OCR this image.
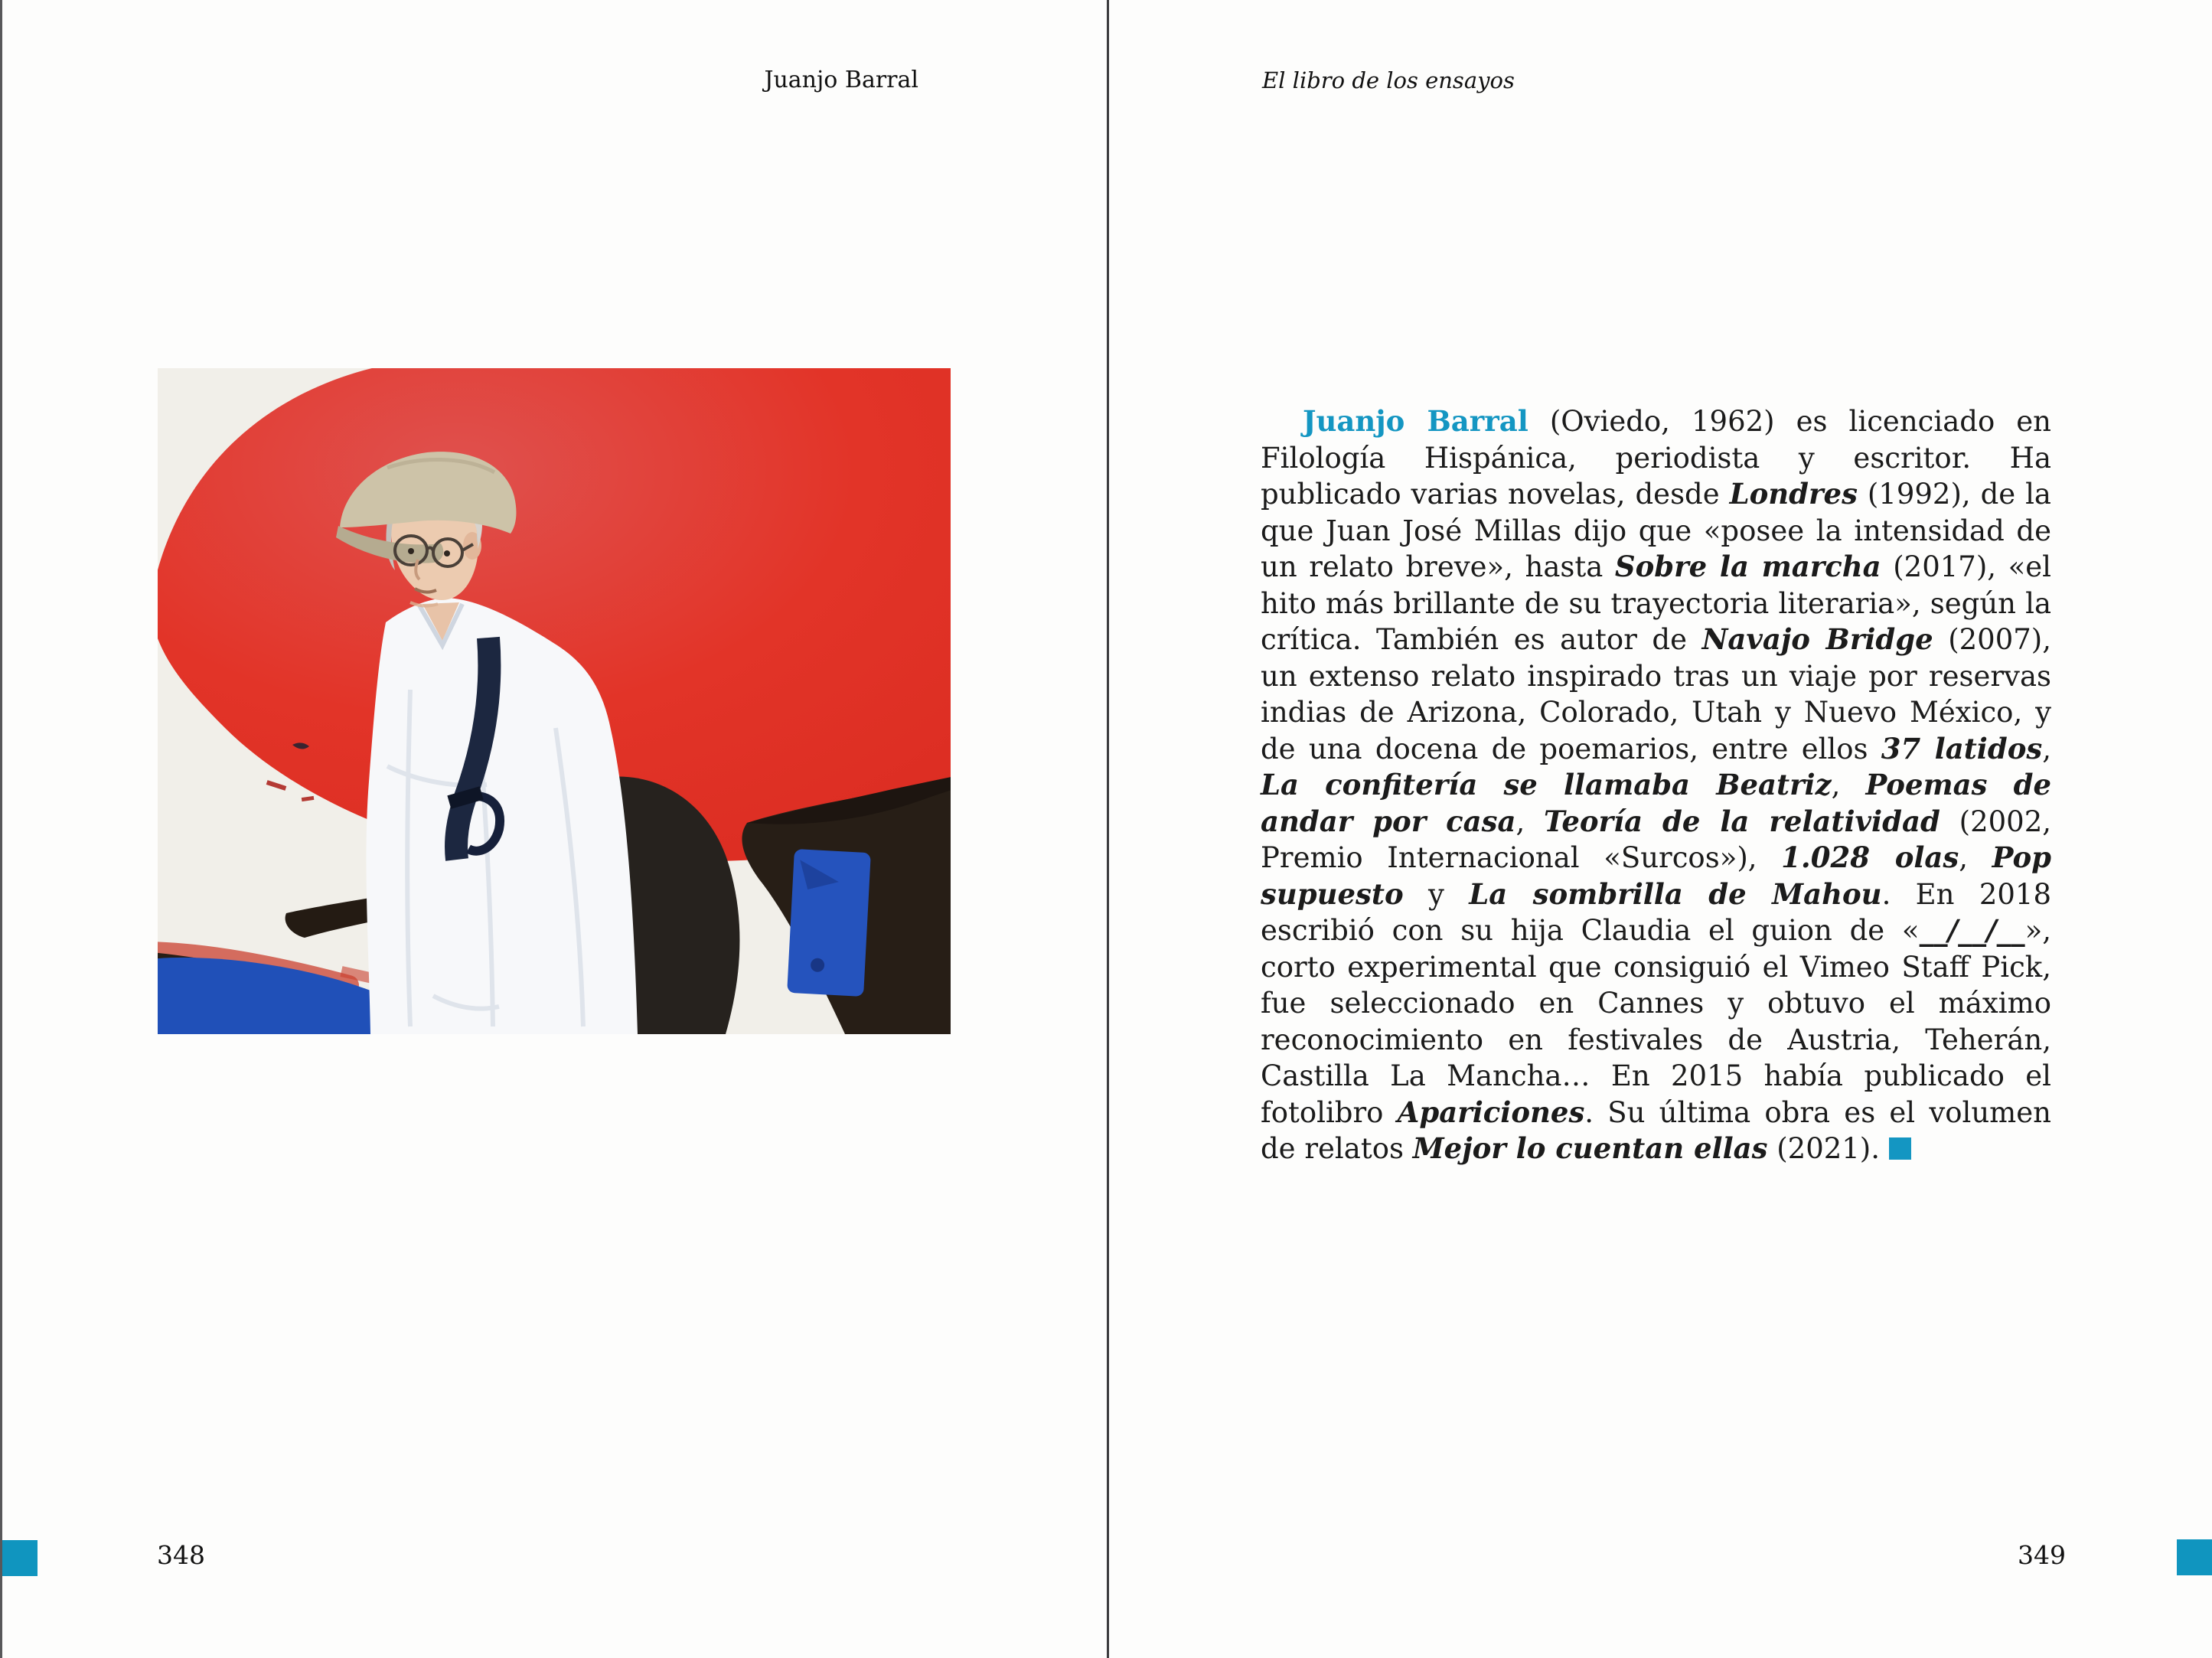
Juanjo Barral
348
El libro de los ensayos

Juanjo Barral (Oviedo, 1962) es licenciado en Filología Hispánica, periodista y escritor. Ha publicado varias novelas, desde Londres (1992), de la que Juan José Millas dijo que «posee la intensidad de un relato breve», hasta Sobre la marcha (2017), «el hito más brillante de su trayectoria literaria», según la crítica. También es autor de Navajo Bridge (2007), un extenso relato inspirado tras un viaje por reservas indias de Arizona, Colorado, Utah y Nuevo México, y de una docena de poemarios, entre ellos 37 latidos, La confitería se llamaba Beatriz, Poemas de andar por casa, Teoría de la relatividad (2002, Premio Internacional «Surcos»), 1.028 olas, Pop supuesto y La sombrilla de Mahou. En 2018 escribió con su hija Claudia el guion de «__/__/__», corto experimental que consiguió el Vimeo Staff Pick, fue seleccionado en Cannes y obtuvo el máximo reconocimiento en festivales de Austria, Teherán, Castilla La Mancha… En 2015 había publicado el fotolibro Apariciones. Su última obra es el volumen de relatos Mejor lo cuentan ellas (2021).

349
